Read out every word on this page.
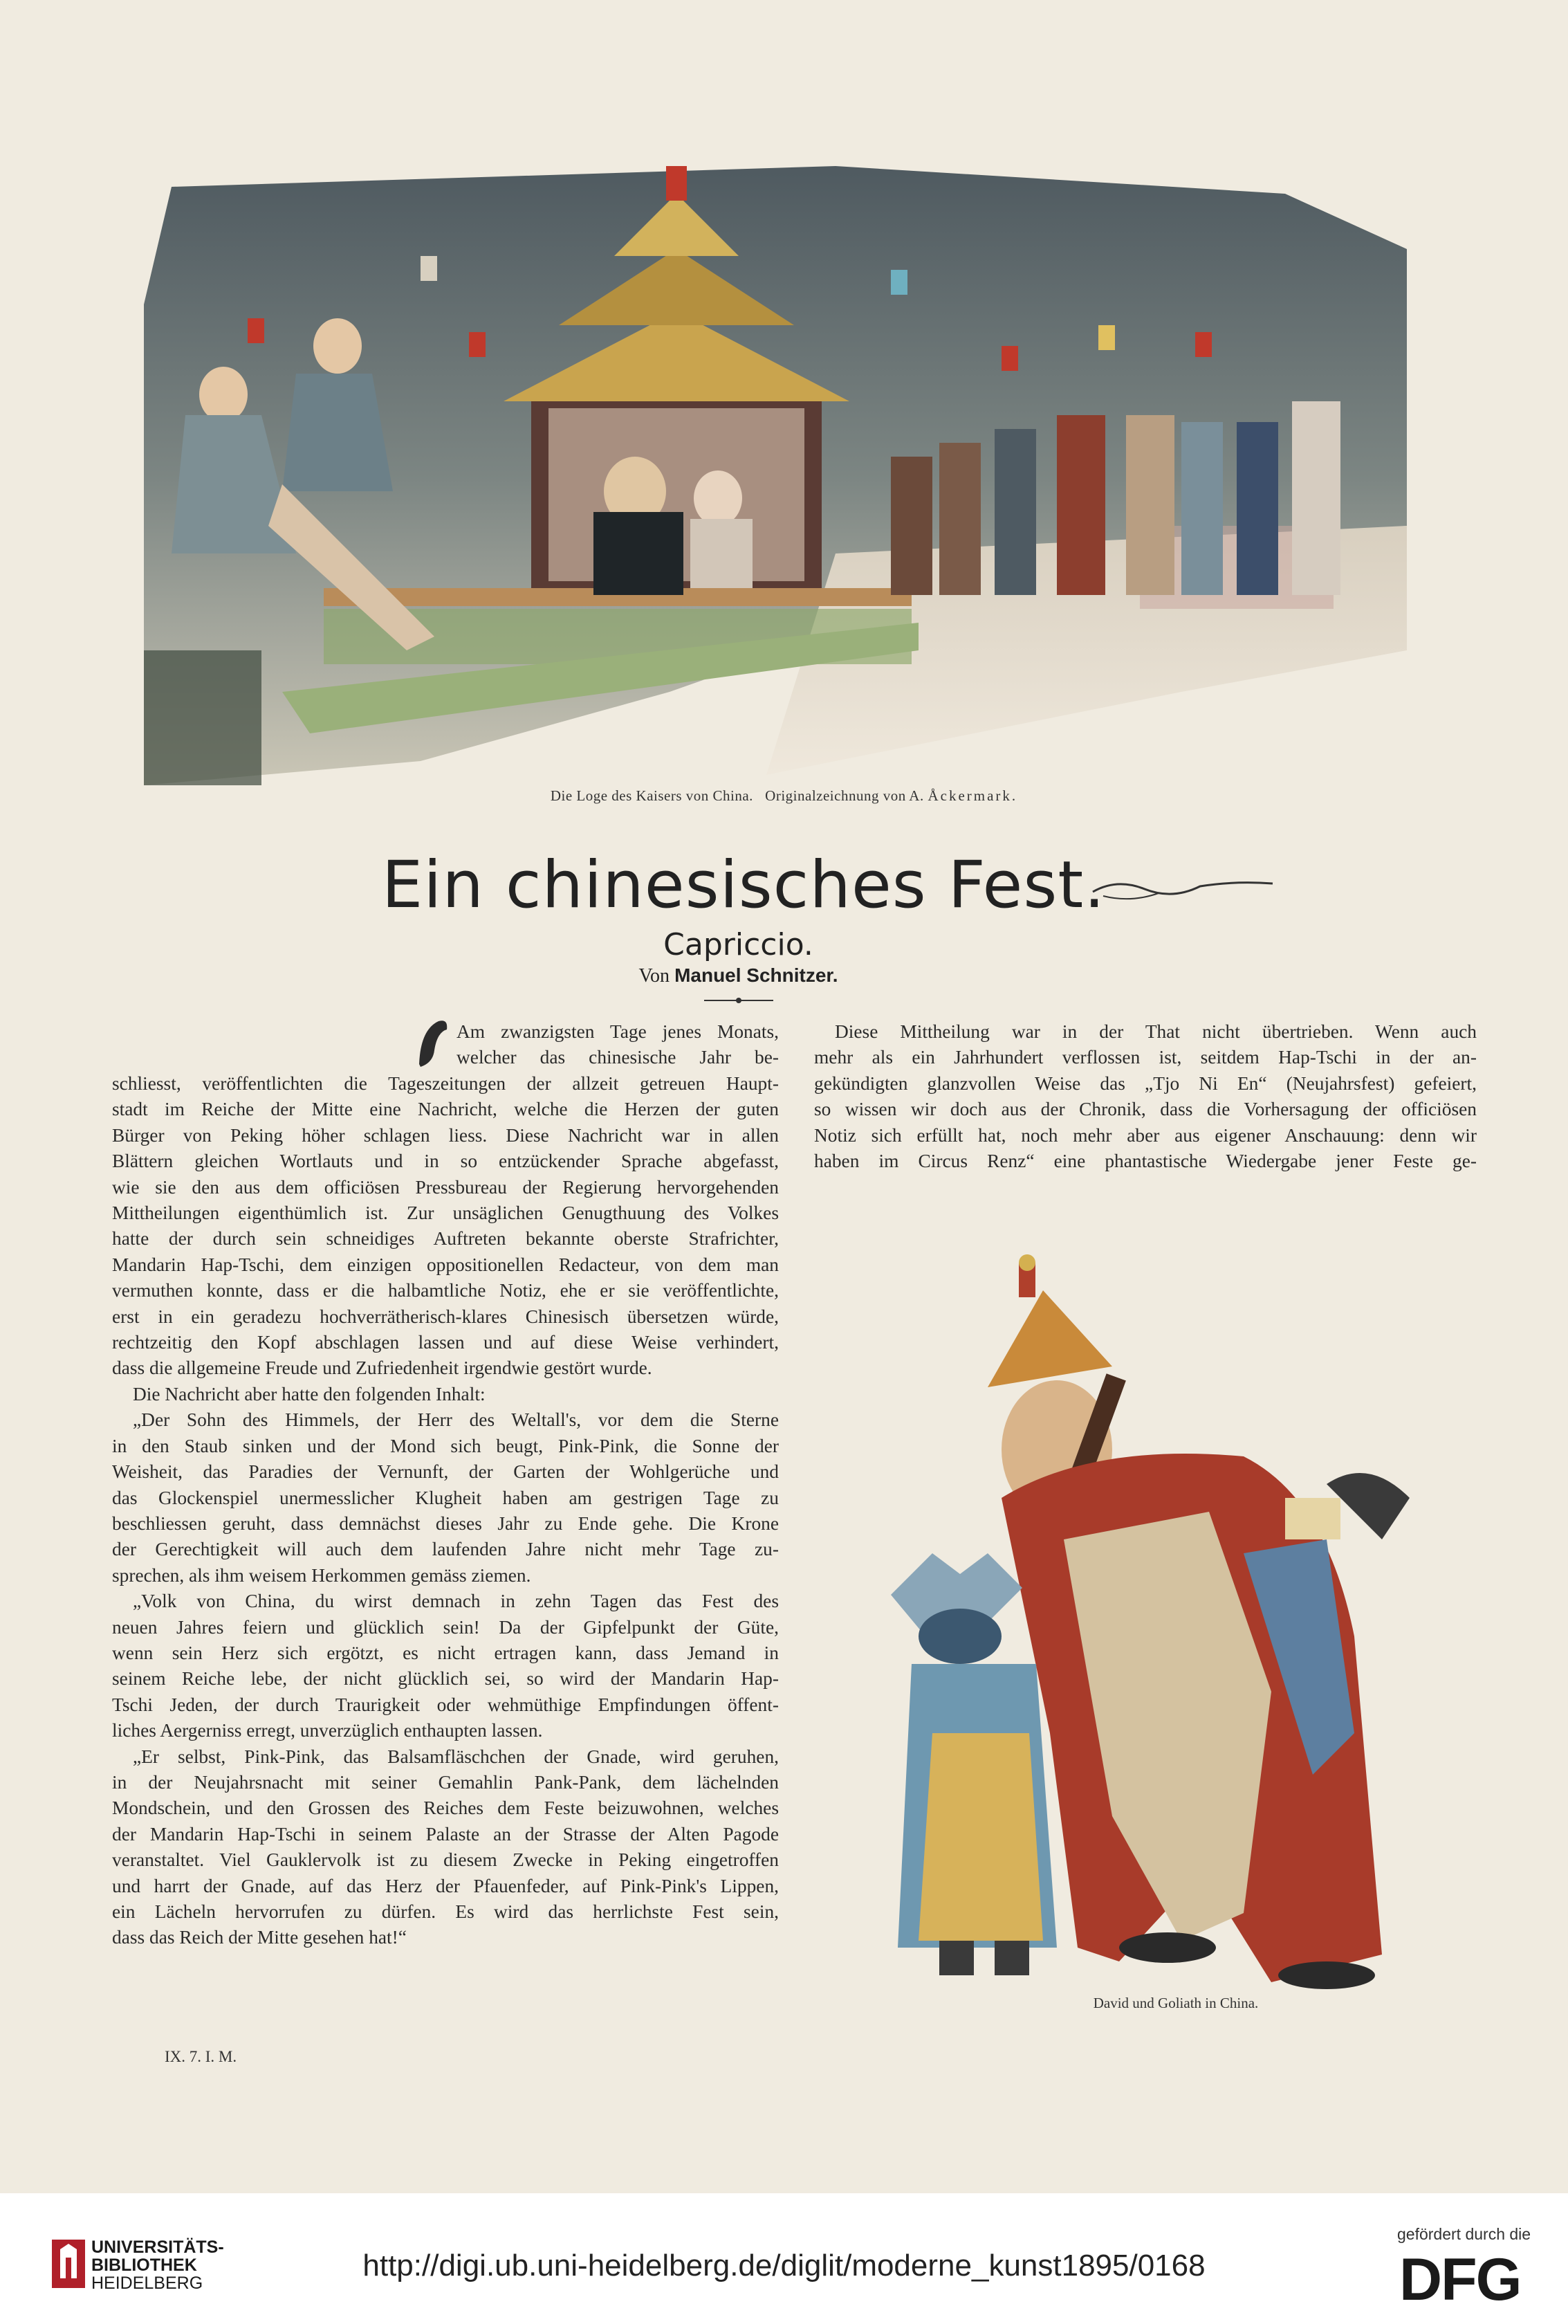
Die Loge des Kaisers von China. Originalzeichnung von A. Åckermark.
Ein chinesisches Fest.
Capriccio.
Von Manuel Schnitzer.
Am zwanzigsten Tage jenes Monats,
welcher das chinesische Jahr be-
schliesst, veröffentlichten die Tageszeitungen der allzeit getreuen Haupt-
stadt im Reiche der Mitte eine Nachricht, welche die Herzen der guten
Bürger von Peking höher schlagen liess. Diese Nachricht war in allen
Blättern gleichen Wortlauts und in so entzückender Sprache abgefasst,
wie sie den aus dem officiösen Pressbureau der Regierung hervorgehenden
Mittheilungen eigenthümlich ist. Zur unsäglichen Genugthuung des Volkes
hatte der durch sein schneidiges Auftreten bekannte oberste Strafrichter,
Mandarin Hap-Tschi, dem einzigen oppositionellen Redacteur, von dem man
vermuthen konnte, dass er die halbamtliche Notiz, ehe er sie veröffentlichte,
erst in ein geradezu hochverrätherisch-klares Chinesisch übersetzen würde,
rechtzeitig den Kopf abschlagen lassen und auf diese Weise verhindert,
dass die allgemeine Freude und Zufriedenheit irgendwie gestört wurde.
Die Nachricht aber hatte den folgenden Inhalt:
„Der Sohn des Himmels, der Herr des Weltall's, vor dem die Sterne
in den Staub sinken und der Mond sich beugt, Pink-Pink, die Sonne der
Weisheit, das Paradies der Vernunft, der Garten der Wohlgerüche und
das Glockenspiel unermesslicher Klugheit haben am gestrigen Tage zu
beschliessen geruht, dass demnächst dieses Jahr zu Ende gehe. Die Krone
der Gerechtigkeit will auch dem laufenden Jahre nicht mehr Tage zu-
sprechen, als ihm weisem Herkommen gemäss ziemen.
„Volk von China, du wirst demnach in zehn Tagen das Fest des
neuen Jahres feiern und glücklich sein! Da der Gipfelpunkt der Güte,
wenn sein Herz sich ergötzt, es nicht ertragen kann, dass Jemand in
seinem Reiche lebe, der nicht glücklich sei, so wird der Mandarin Hap-
Tschi Jeden, der durch Traurigkeit oder wehmüthige Empfindungen öffent-
liches Aergerniss erregt, unverzüglich enthaupten lassen.
„Er selbst, Pink-Pink, das Balsamfläschchen der Gnade, wird geruhen,
in der Neujahrsnacht mit seiner Gemahlin Pank-Pank, dem lächelnden
Mondschein, und den Grossen des Reiches dem Feste beizuwohnen, welches
der Mandarin Hap-Tschi in seinem Palaste an der Strasse der Alten Pagode
veranstaltet. Viel Gauklervolk ist zu diesem Zwecke in Peking eingetroffen
und harrt der Gnade, auf das Herz der Pfauenfeder, auf Pink-Pink's Lippen,
ein Lächeln hervorrufen zu dürfen. Es wird das herrlichste Fest sein,
dass das Reich der Mitte gesehen hat!“
Diese Mittheilung war in der That nicht übertrieben. Wenn auch
mehr als ein Jahrhundert verflossen ist, seitdem Hap-Tschi in der an-
gekündigten glanzvollen Weise das „Tjo Ni En“ (Neujahrsfest) gefeiert,
so wissen wir doch aus der Chronik, dass die Vorhersagung der officiösen
Notiz sich erfüllt hat, noch mehr aber aus eigener Anschauung: denn wir
haben im Circus Renz“ eine phantastische Wiedergabe jener Feste ge-
David und Goliath in China.
IX. 7. I. M.
UNIVERSITÄTS-
BIBLIOTHEK
HEIDELBERG
http://digi.ub.uni-heidelberg.de/diglit/moderne_kunst1895/0168
gefördert durch die
DFG
